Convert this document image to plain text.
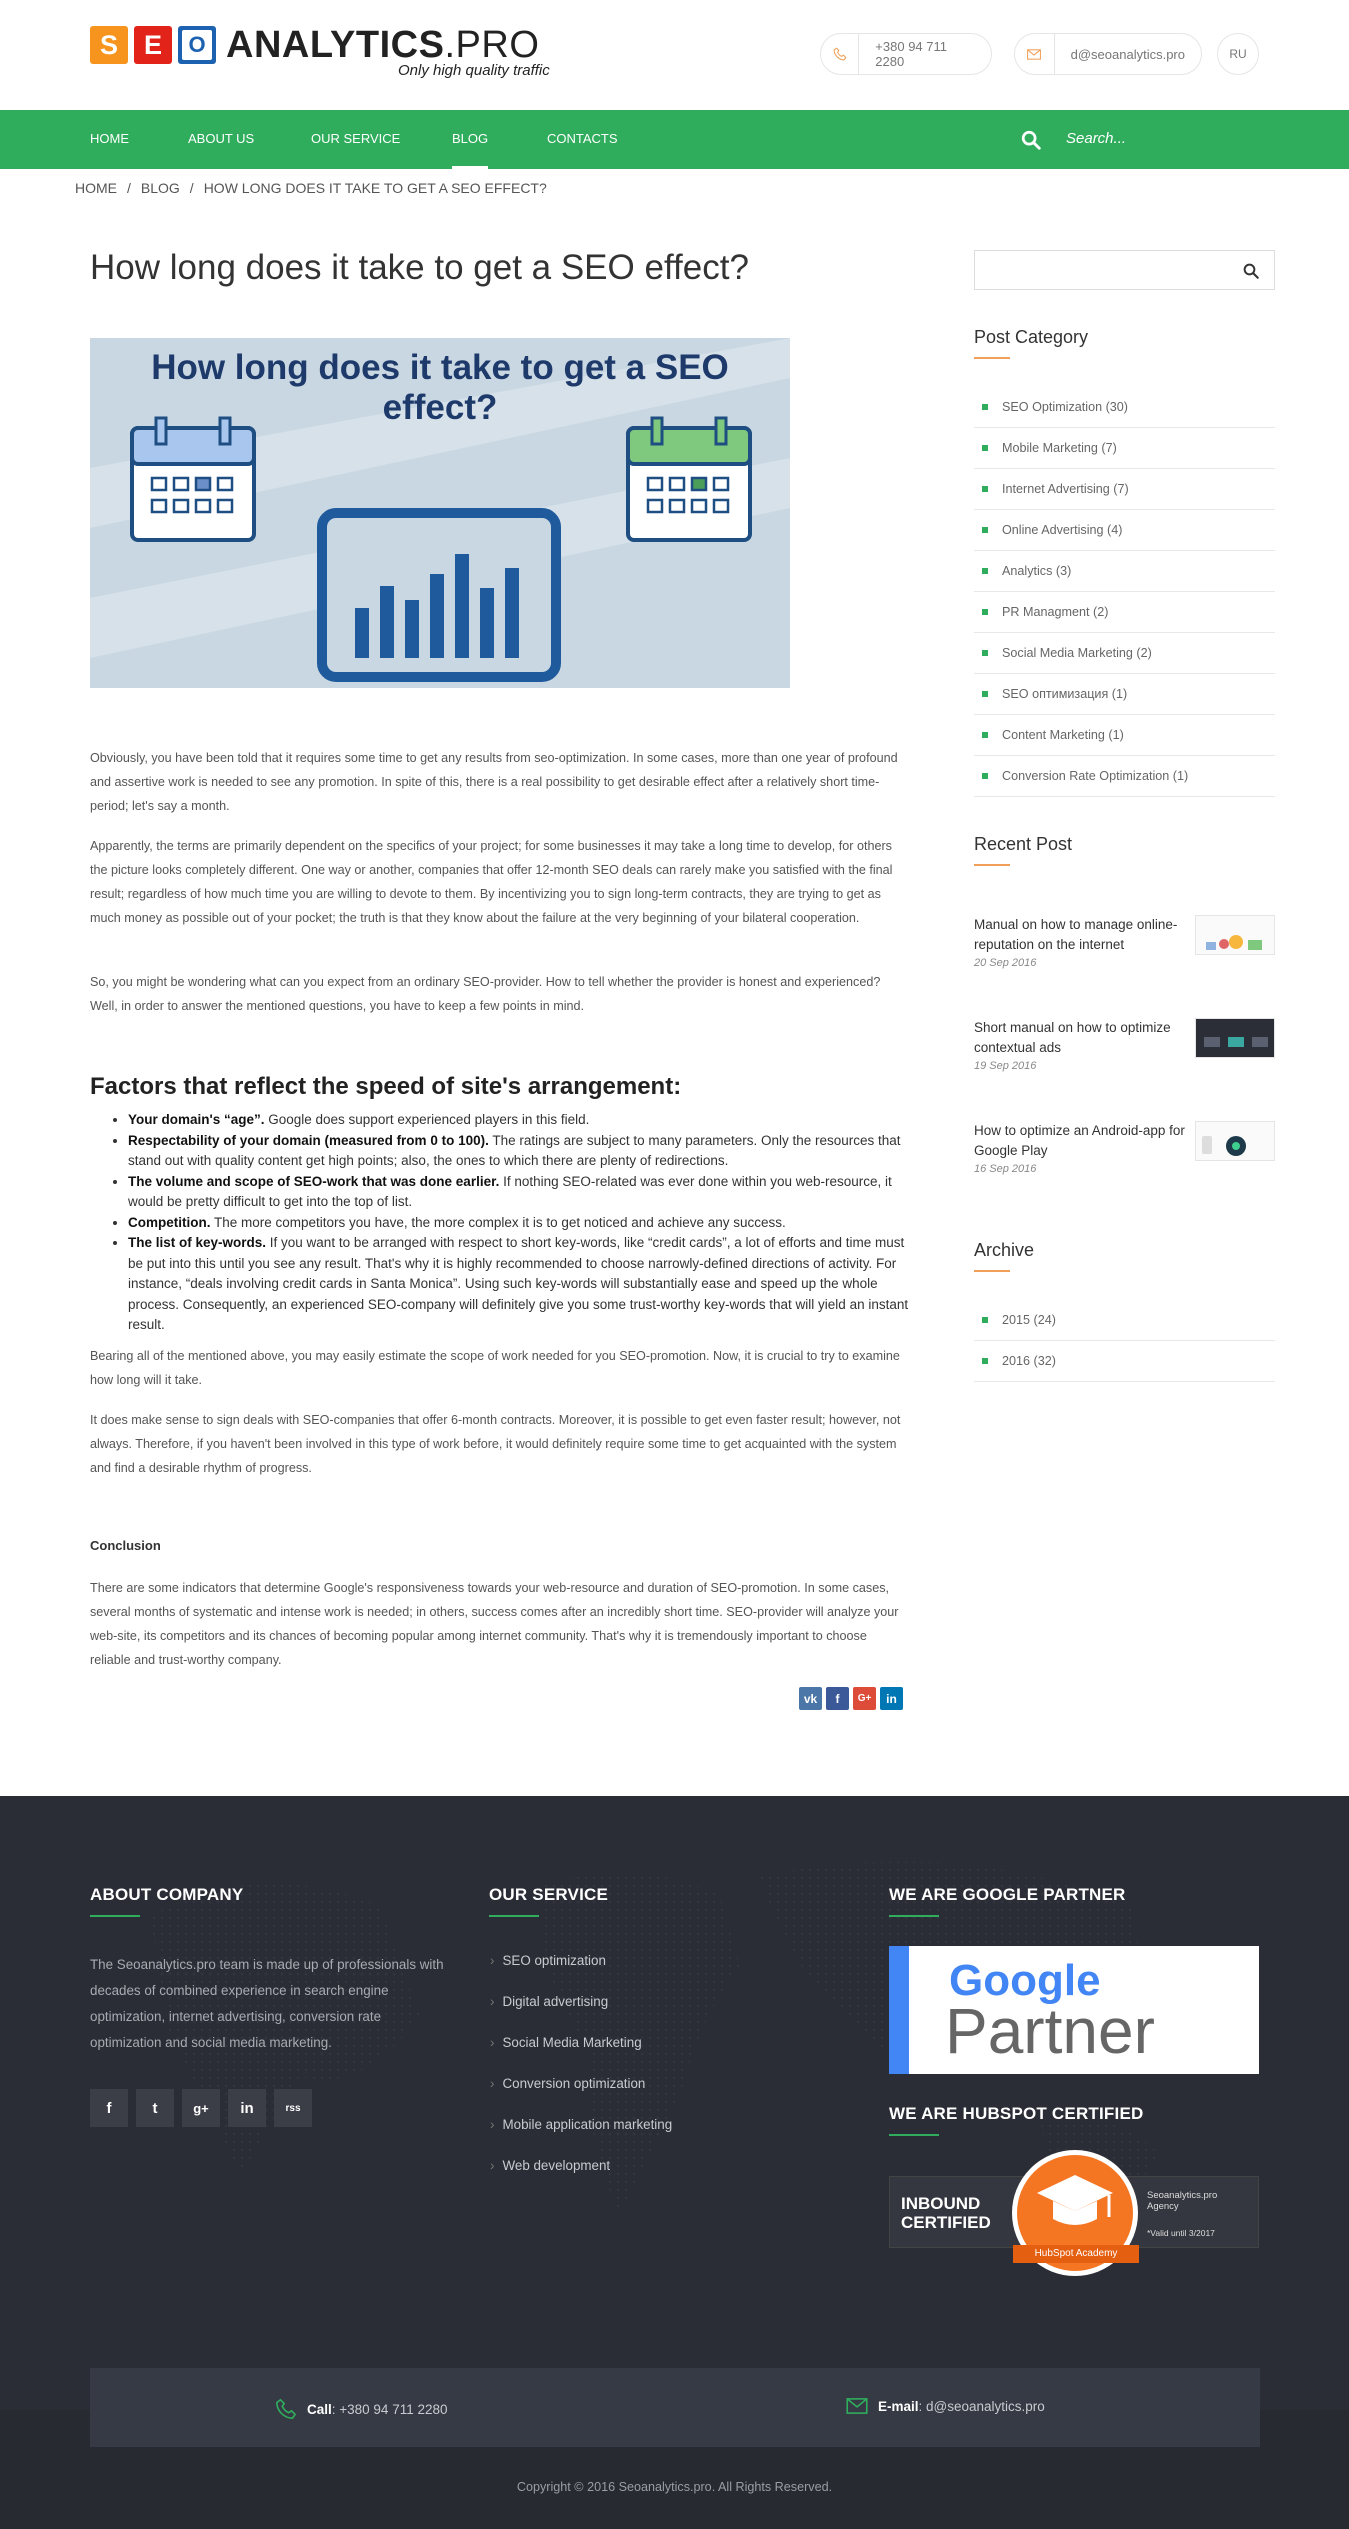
S E
O ANALYTICS.PRO
Only high quality traffic
+380 94 711 2280	d@seoanalytics.pro	RU
HOME	ABOUT US	OUR SERVICE	BLOG	CONTACTS	Search...
HOME / BLOG / HOW LONG DOES IT TAKE TO GET A SEO EFFECT?
How long does it take to get a SEO effect?
How long does it take to get a SEO effect?

Obviously, you have been told that it requires some time to get any results from seo-optimization. In some cases, more than one year of profound and assertive work is needed to see any promotion. In spite of this, there is a real possibility to get desirable effect after a relatively short time-period; let's say a month.

Apparently, the terms are primarily dependent on the specifics of your project; for some businesses it may take a long time to develop, for others the picture looks completely different. One way or another, companies that offer 12-month SEO deals can rarely make you satisfied with the final result; regardless of how much time you are willing to devote to them. By incentivizing you to sign long-term contracts, they are trying to get as much money as possible out of your pocket; the truth is that they know about the failure at the very beginning of your bilateral cooperation.

So, you might be wondering what can you expect from an ordinary SEO-provider. How to tell whether the provider is honest and experienced? Well, in order to answer the mentioned questions, you have to keep a few points in mind.

Factors that reflect the speed of site's arrangement:
• Your domain's “age”. Google does support experienced players in this field.
• Respectability of your domain (measured from 0 to 100). The ratings are subject to many parameters. Only the resources that stand out with quality content get high points; also, the ones to which there are plenty of redirections.
• The volume and scope of SEO-work that was done earlier. If nothing SEO-related was ever done within you web-resource, it would be pretty difficult to get into the top of list.
• Competition. The more competitors you have, the more complex it is to get noticed and achieve any success.
• The list of key-words. If you want to be arranged with respect to short key-words, like “credit cards”, a lot of efforts and time must be put into this until you see any result. That's why it is highly recommended to choose narrowly-defined directions of activity. For instance, “deals involving credit cards in Santa Monica”. Using such key-words will substantially ease and speed up the whole process. Consequently, an experienced SEO-company will definitely give you some trust-worthy key-words that will yield an instant result.

Bearing all of the mentioned above, you may easily estimate the scope of work needed for you SEO-promotion. Now, it is crucial to try to examine how long will it take.

It does make sense to sign deals with SEO-companies that offer 6-month contracts. Moreover, it is possible to get even faster result; however, not always. Therefore, if you haven't been involved in this type of work before, it would definitely require some time to get acquainted with the system and find a desirable rhythm of progress.

Conclusion

There are some indicators that determine Google's responsiveness towards your web-resource and duration of SEO-promotion. In some cases, several months of systematic and intense work is needed; in others, success comes after an incredibly short time. SEO-provider will analyze your web-site, its competitors and its chances of becoming popular among internet community. That's why it is tremendously important to choose reliable and trust-worthy company.

vk	f	G+	in
Post Category
SEO Optimization (30)
Mobile Marketing (7)
Internet Advertising (7)
Online Advertising (4)
Analytics (3)
PR Managment (2)
Social Media Marketing (2)
SEO оптимизация (1)
Content Marketing (1)
Conversion Rate Optimization (1)
Recent Post
Manual on how to manage online-reputation on the internet
20 Sep 2016
Short manual on how to optimize contextual ads
19 Sep 2016
How to optimize an Android-app for Google Play
16 Sep 2016
Archive
2015 (24)
2016 (32)
ABOUT COMPANY

The Seoanalytics.pro team is made up of professionals with decades of combined experience in search engine optimization, internet advertising, conversion rate optimization and social media marketing.

f	t	g+	in	rss
OUR SERVICE
› SEO optimization
› Digital advertising
› Social Media Marketing
› Conversion optimization
› Mobile application marketing
› Web development
WE ARE GOOGLE PARTNER
Google
Partner
WE ARE HUBSPOT CERTIFIED
INBOUND
CERTIFIED
HubSpot Academy
Seoanalytics.pro Agency
*Valid until 3/2017
Call: +380 94 711 2280	E-mail: d@seoanalytics.pro
Copyright © 2016 Seoanalytics.pro. All Rights Reserved.
